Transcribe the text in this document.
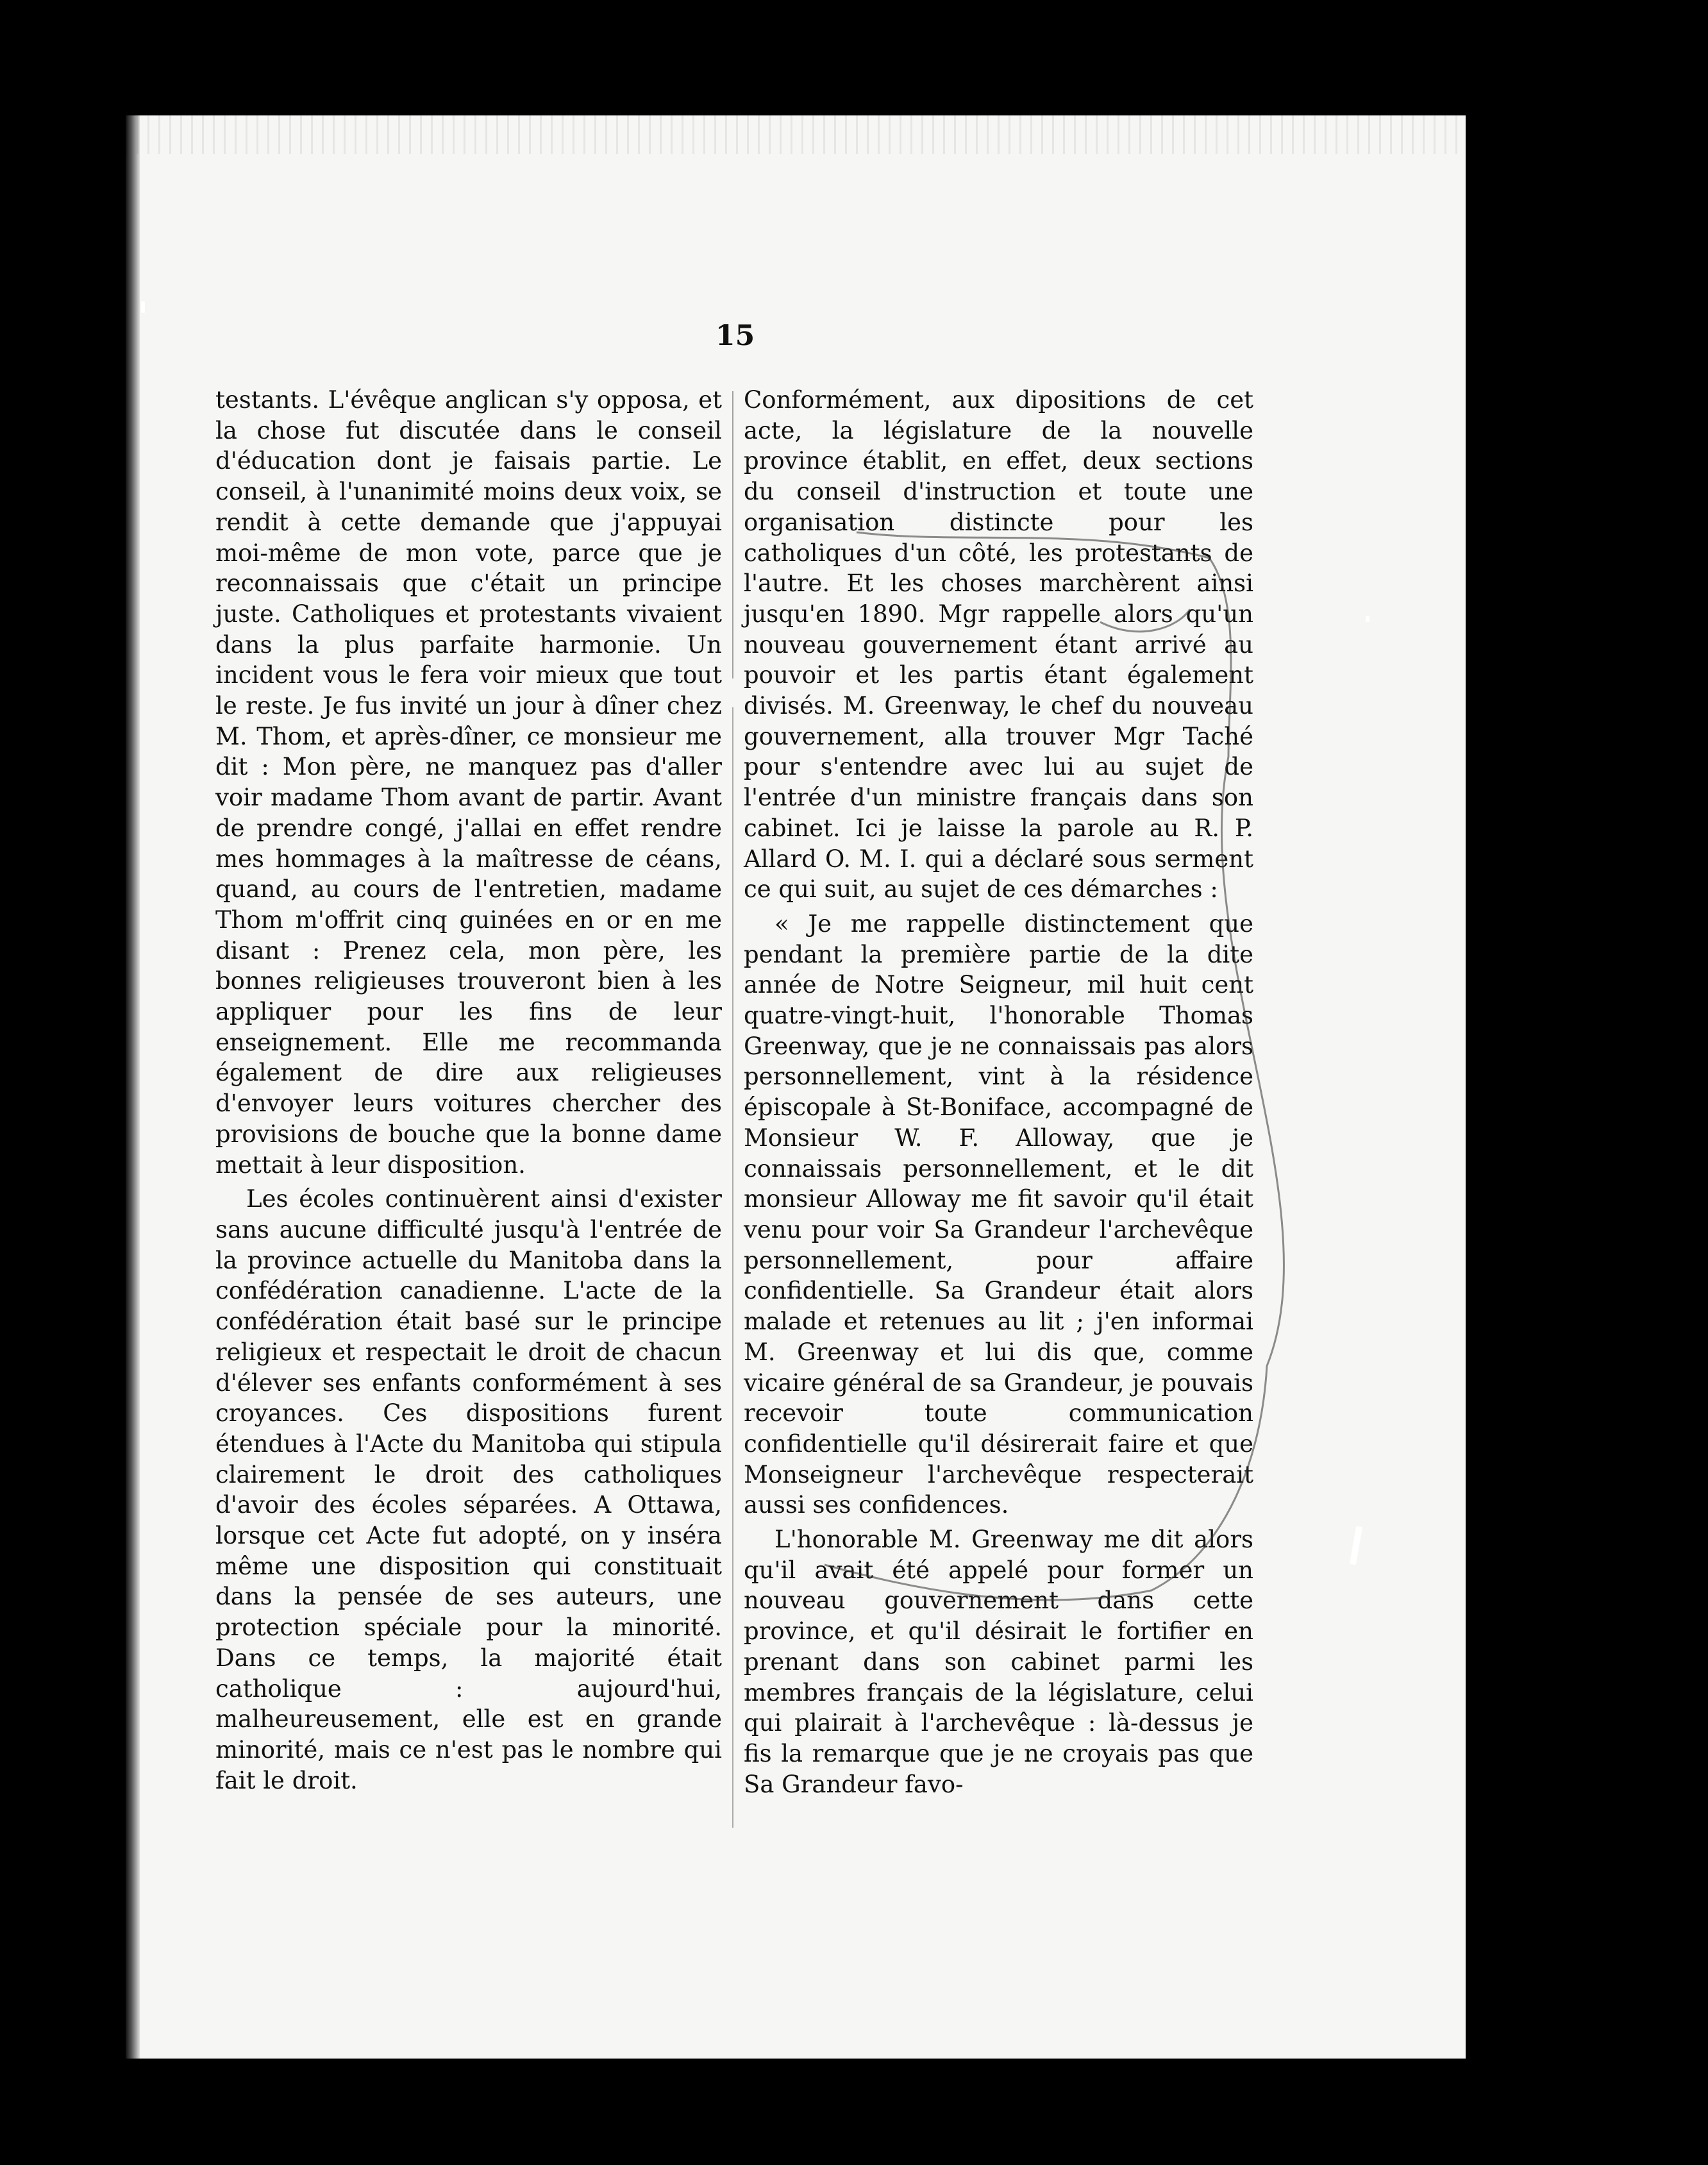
15

testants. L'évêque anglican s'y opposa, et la chose fut discutée dans le conseil d'éducation dont je faisais partie. Le conseil, à l'unanimité moins deux voix, se rendit à cette demande que j'appuyai moi-même de mon vote, parce que je reconnaissais que c'était un principe juste. Catholiques et protestants vivaient dans la plus parfaite harmonie. Un incident vous le fera voir mieux que tout le reste. Je fus invité un jour à dîner chez M. Thom, et après-dîner, ce monsieur me dit : Mon père, ne manquez pas d'aller voir madame Thom avant de partir. Avant de prendre congé, j'allai en effet rendre mes hommages à la maîtresse de céans, quand, au cours de l'entretien, madame Thom m'offrit cinq guinées en or en me disant : Prenez cela, mon père, les bonnes religieuses trouveront bien à les appliquer pour les fins de leur enseignement. Elle me recommanda également de dire aux religieuses d'envoyer leurs voitures chercher des provisions de bouche que la bonne dame mettait à leur disposition.

Les écoles continuèrent ainsi d'exister sans aucune difficulté jusqu'à l'entrée de la province actuelle du Manitoba dans la confédération canadienne. L'acte de la confédération était basé sur le principe religieux et respectait le droit de chacun d'élever ses enfants conformément à ses croyances. Ces dispositions furent étendues à l'Acte du Manitoba qui stipula clairement le droit des catholiques d'avoir des écoles séparées. A Ottawa, lorsque cet Acte fut adopté, on y inséra même une disposition qui constituait dans la pensée de ses auteurs, une protection spéciale pour la minorité. Dans ce temps, la majorité était catholique : aujourd'hui, malheureusement, elle est en grande minorité, mais ce n'est pas le nombre qui fait le droit.

Conformément, aux dipositions de cet acte, la législature de la nouvelle province établit, en effet, deux sections du conseil d'instruction et toute une organisation distincte pour les catholiques d'un côté, les protestants de l'autre. Et les choses marchèrent ainsi jusqu'en 1890. Mgr rappelle alors qu'un nouveau gouvernement étant arrivé au pouvoir et les partis étant également divisés. M. Greenway, le chef du nouveau gouvernement, alla trouver Mgr Taché pour s'entendre avec lui au sujet de l'entrée d'un ministre français dans son cabinet. Ici je laisse la parole au R. P. Allard O. M. I. qui a déclaré sous serment ce qui suit, au sujet de ces démarches :

« Je me rappelle distinctement que pendant la première partie de la dite année de Notre Seigneur, mil huit cent quatre-vingt-huit, l'honorable Thomas Greenway, que je ne connaissais pas alors personnellement, vint à la résidence épiscopale à St-Boniface, accompagné de Monsieur W. F. Alloway, que je connaissais personnellement, et le dit monsieur Alloway me fit savoir qu'il était venu pour voir Sa Grandeur l'archevêque personnellement, pour affaire confidentielle. Sa Grandeur était alors malade et retenues au lit ; j'en informai M. Greenway et lui dis que, comme vicaire général de sa Grandeur, je pouvais recevoir toute communication confidentielle qu'il désirerait faire et que Monseigneur l'archevêque respecterait aussi ses confidences.

L'honorable M. Greenway me dit alors qu'il avait été appelé pour former un nouveau gouvernement dans cette province, et qu'il désirait le fortifier en prenant dans son cabinet parmi les membres français de la législature, celui qui plairait à l'archevêque : là-dessus je fis la remarque que je ne croyais pas que Sa Grandeur favo-
